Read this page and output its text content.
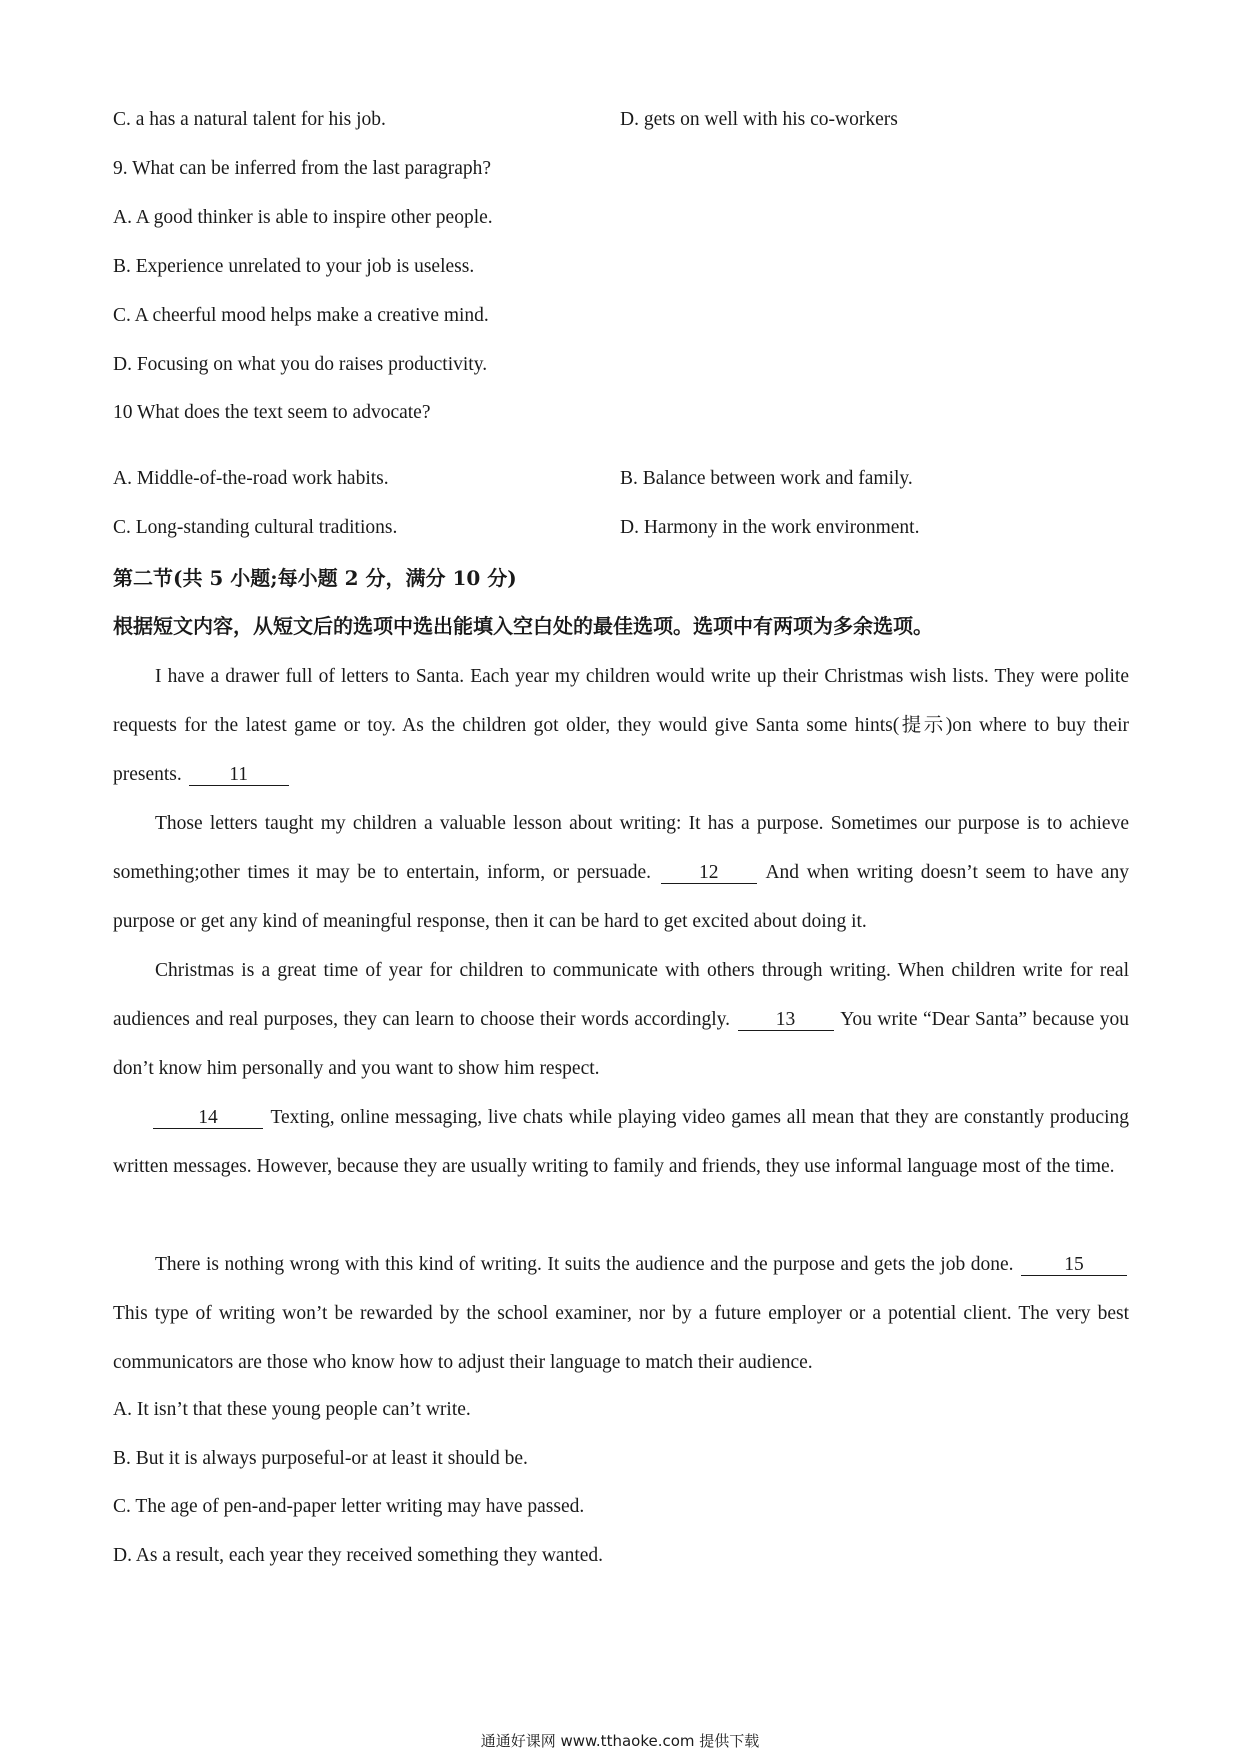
C. a has a natural talent for his job.	D. gets on well with his co-workers
9. What can be inferred from the last paragraph?
A. A good thinker is able to inspire other people.
B. Experience unrelated to your job is useless.
C. A cheerful mood helps make a creative mind.
D. Focusing on what you do raises productivity.
10 What does the text seem to advocate?
A. Middle-of-the-road work habits.	B. Balance between work and family.
C. Long-standing cultural traditions.	D. Harmony in the work environment.
第二节(共 5 小题;每小题 2 分，满分 10 分)
根据短文内容，从短文后的选项中选出能填入空白处的最佳选项。选项中有两项为多余选项。
I have a drawer full of letters to Santa. Each year my children would write up their Christmas wish lists. They were polite requests for the latest game or toy. As the children got older, they would give Santa some hints(提示)on where to buy their presents. 11
Those letters taught my children a valuable lesson about writing: It has a purpose. Sometimes our purpose is to achieve something;other times it may be to entertain, inform, or persuade. 12 And when writing doesn’t seem to have any purpose or get any kind of meaningful response, then it can be hard to get excited about doing it.
Christmas is a great time of year for children to communicate with others through writing. When children write for real audiences and real purposes, they can learn to choose their words accordingly. 13 You write “Dear Santa” because you don’t know him personally and you want to show him respect.
14	Texting, online messaging, live chats while playing video games all mean that they are constantly producing written messages. However, because they are usually writing to family and friends, they use informal language most of the time.
There is nothing wrong with this kind of writing. It suits the audience and the purpose and gets the job done.	15 This type of writing won’t be rewarded by the school examiner, nor by a future employer or a potential client. The very best communicators are those who know how to adjust their language to match their audience.
A. It isn’t that these young people can’t write.
B. But it is always purposeful-or at least it should be.
C. The age of pen-and-paper letter writing may have passed.
D. As a result, each year they received something they wanted.
通通好课网 www.tthaoke.com 提供下载
